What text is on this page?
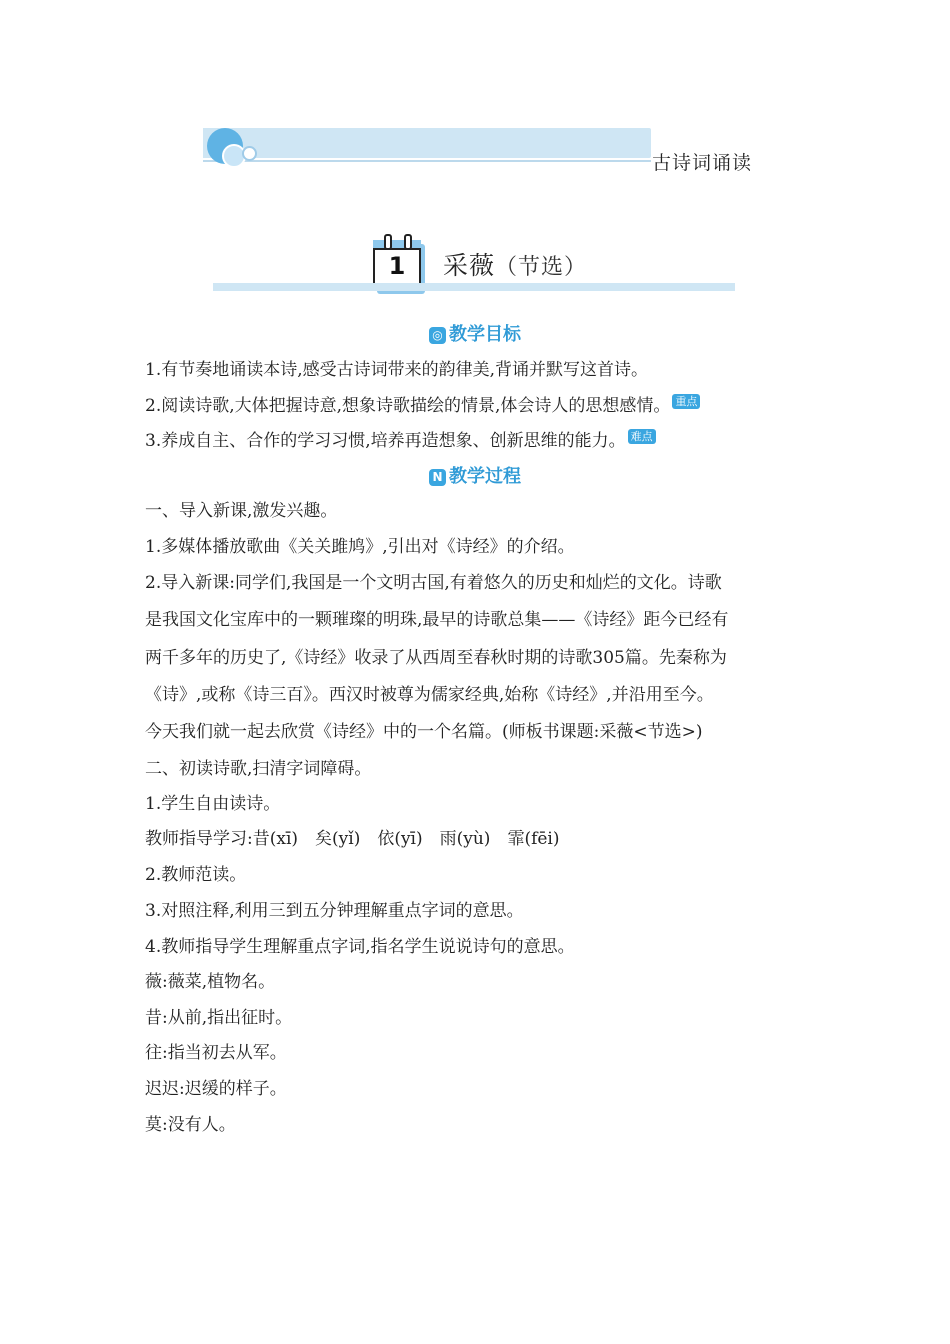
古诗词诵读
1	采薇（节选）
◎ 教学目标
1.有节奏地诵读本诗,感受古诗词带来的韵律美,背诵并默写这首诗。
2.阅读诗歌,大体把握诗意,想象诗歌描绘的情景,体会诗人的思想感情。 重点
3.养成自主、合作的学习习惯,培养再造想象、创新思维的能力。 难点
N 教学过程
一、导入新课,激发兴趣。
1.多媒体播放歌曲《关关雎鸠》,引出对《诗经》的介绍。
2.导入新课:同学们,我国是一个文明古国,有着悠久的历史和灿烂的文化。诗歌
是我国文化宝库中的一颗璀璨的明珠,最早的诗歌总集——《诗经》距今已经有
两千多年的历史了,《诗经》收录了从西周至春秋时期的诗歌305篇。先秦称为
《诗》,或称《诗三百》。西汉时被尊为儒家经典,始称《诗经》,并沿用至今。
今天我们就一起去欣赏《诗经》中的一个名篇。(师板书课题:采薇<节选>)
二、初读诗歌,扫清字词障碍。
1.学生自由读诗。
教师指导学习:昔(xī)　矣(yǐ)　依(yī)　雨(yù)　霏(fēi)
2.教师范读。
3.对照注释,利用三到五分钟理解重点字词的意思。
4.教师指导学生理解重点字词,指名学生说说诗句的意思。
薇:薇菜,植物名。
昔:从前,指出征时。
往:指当初去从军。
迟迟:迟缓的样子。
莫:没有人。
